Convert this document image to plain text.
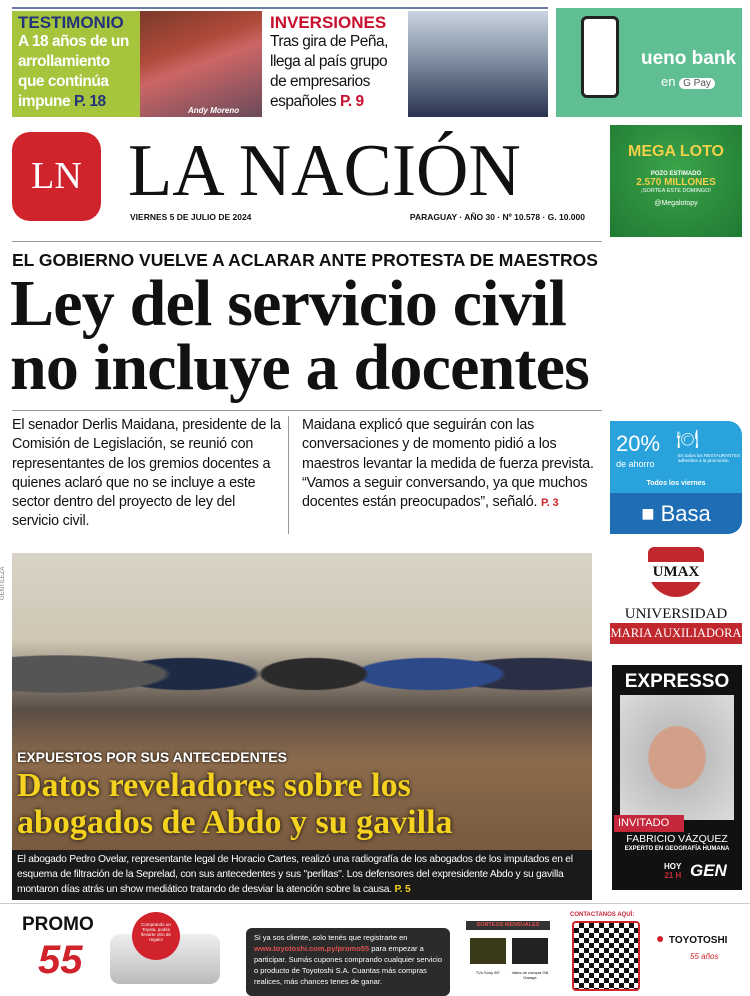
TESTIMONIO
A 18 años de un arrollamiento que continúa impune P. 18
Andy Moreno
INVERSIONES
Tras gira de Peña, llega al país grupo de empresarios españoles P. 9
ueno bank
en G Pay
LN LA NACIÓN
VIERNES 5 DE JULIO DE 2024	PARAGUAY · AÑO 30 · Nº 10.578 · G. 10.000
MEGA LOTO
POZO ESTIMADO
2.570 MILLONES
¡SORTEA ESTE DOMINGO!
@Megalotopy
EL GOBIERNO VUELVE A ACLARAR ANTE PROTESTA DE MAESTROS
Ley del servicio civil
no incluye a docentes
El senador Derlis Maidana, presidente de la Comisión de Legislación, se reunió con representantes de los gremios docentes a quienes aclaró que no se incluye a este sector dentro del proyecto de ley del servicio civil.
Maidana explicó que seguirán con las conversaciones y de momento pidió a los maestros levantar la medida de fuerza prevista. “Vamos a seguir conversando, ya que muchos docentes están preocupados”, señaló. P. 3
20%
de ahorro
🍽
En todos los RESTAURANTES adheridos a la promoción
Todos los viernes
■ Basa
GENTILEZA
EXPUESTOS POR SUS ANTECEDENTES
Datos reveladores sobre los
abogados de Abdo y su gavilla
El abogado Pedro Ovelar, representante legal de Horacio Cartes, realizó una radiografía de los abogados de los imputados en el esquema de filtración de la Seprelad, con sus antecedentes y sus "perlitas". Los defensores del expresidente Abdo y su gavilla montaron días atrás un show mediático tratando de desviar la atención sobre la causa. P. 5
UMAX
UNIVERSIDAD
MARIA AUXILIADORA
EXPRESSO
INVITADO
FABRICIO VÁZQUEZ
EXPERTO EN GEOGRAFÍA HUMANA
HOY
21 H GEN
PROMO
55
Comprando un Toyota, podés llevarte otro de regalo!	Si ya sos cliente, solo tenés que registrarte en www.toyotoshi.com.py/promo55 para empezar a participar. Sumás cupones comprando cualquier servicio o producto de Toyotoshi S.A. Cuantas más compras realices, más chances tenes de ganar.
SORTEOS MENSUALES
TVs Sony 85"	Vales de compra Gill Garage
CONTACTANOS AQUÍ:
● TOYOTOSHI
55 años
